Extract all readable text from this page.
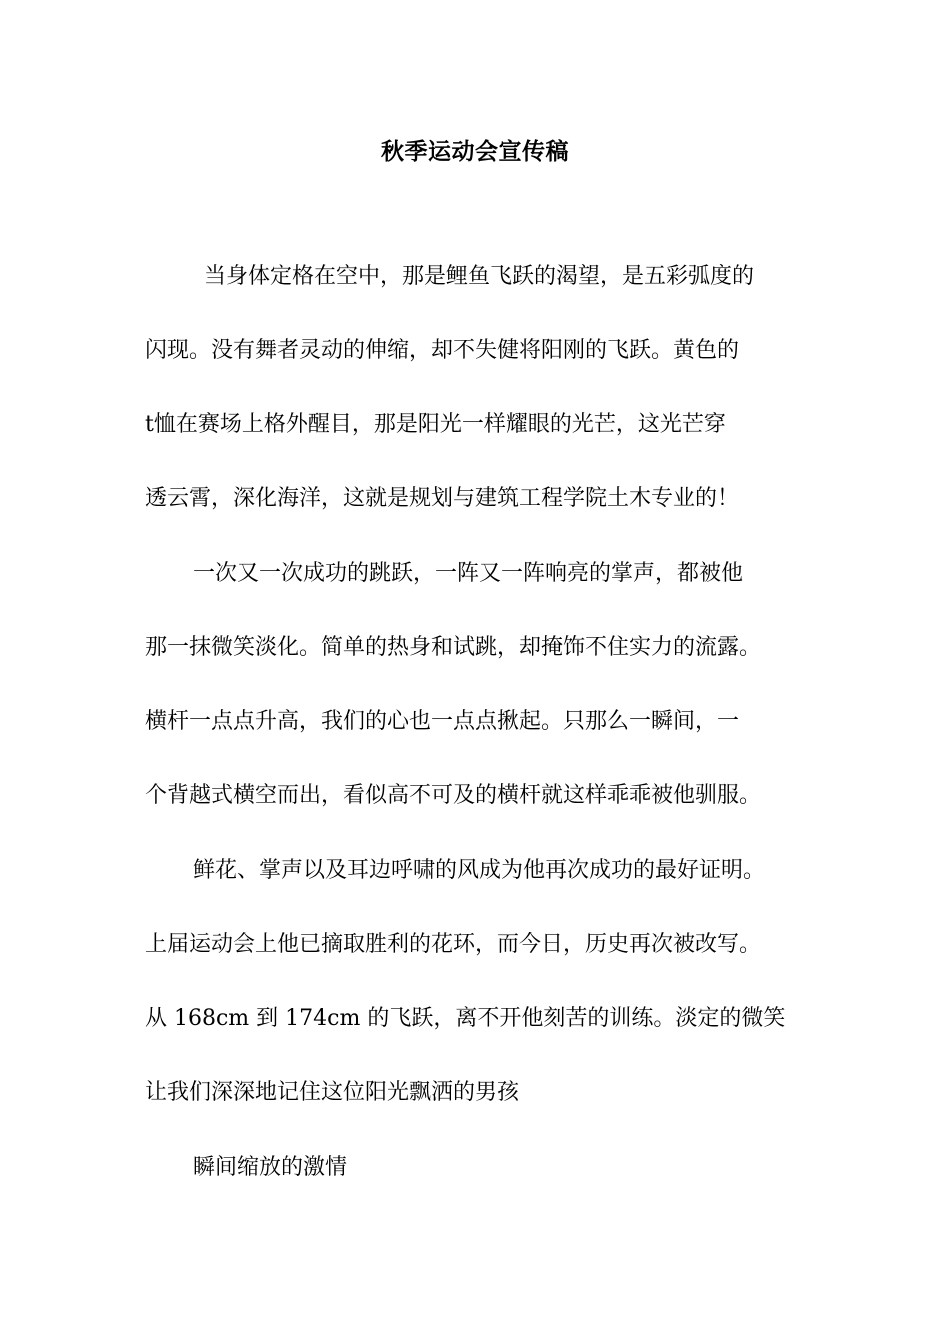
秋季运动会宣传稿

当身体定格在空中，那是鲤鱼飞跃的渴望，是五彩弧度的

闪现。没有舞者灵动的伸缩，却不失健将阳刚的飞跃。黄色的

t恤在赛场上格外醒目，那是阳光一样耀眼的光芒，这光芒穿

透云霄，深化海洋，这就是规划与建筑工程学院土木专业的！

一次又一次成功的跳跃，一阵又一阵响亮的掌声，都被他

那一抹微笑淡化。简单的热身和试跳，却掩饰不住实力的流露。

横杆一点点升高，我们的心也一点点揪起。只那么一瞬间，一

个背越式横空而出，看似高不可及的横杆就这样乖乖被他驯服。

鲜花、掌声以及耳边呼啸的风成为他再次成功的最好证明。

上届运动会上他已摘取胜利的花环，而今日，历史再次被改写。

从 168cm 到 174cm 的飞跃，离不开他刻苦的训练。淡定的微笑

让我们深深地记住这位阳光飘洒的男孩

瞬间缩放的激情
